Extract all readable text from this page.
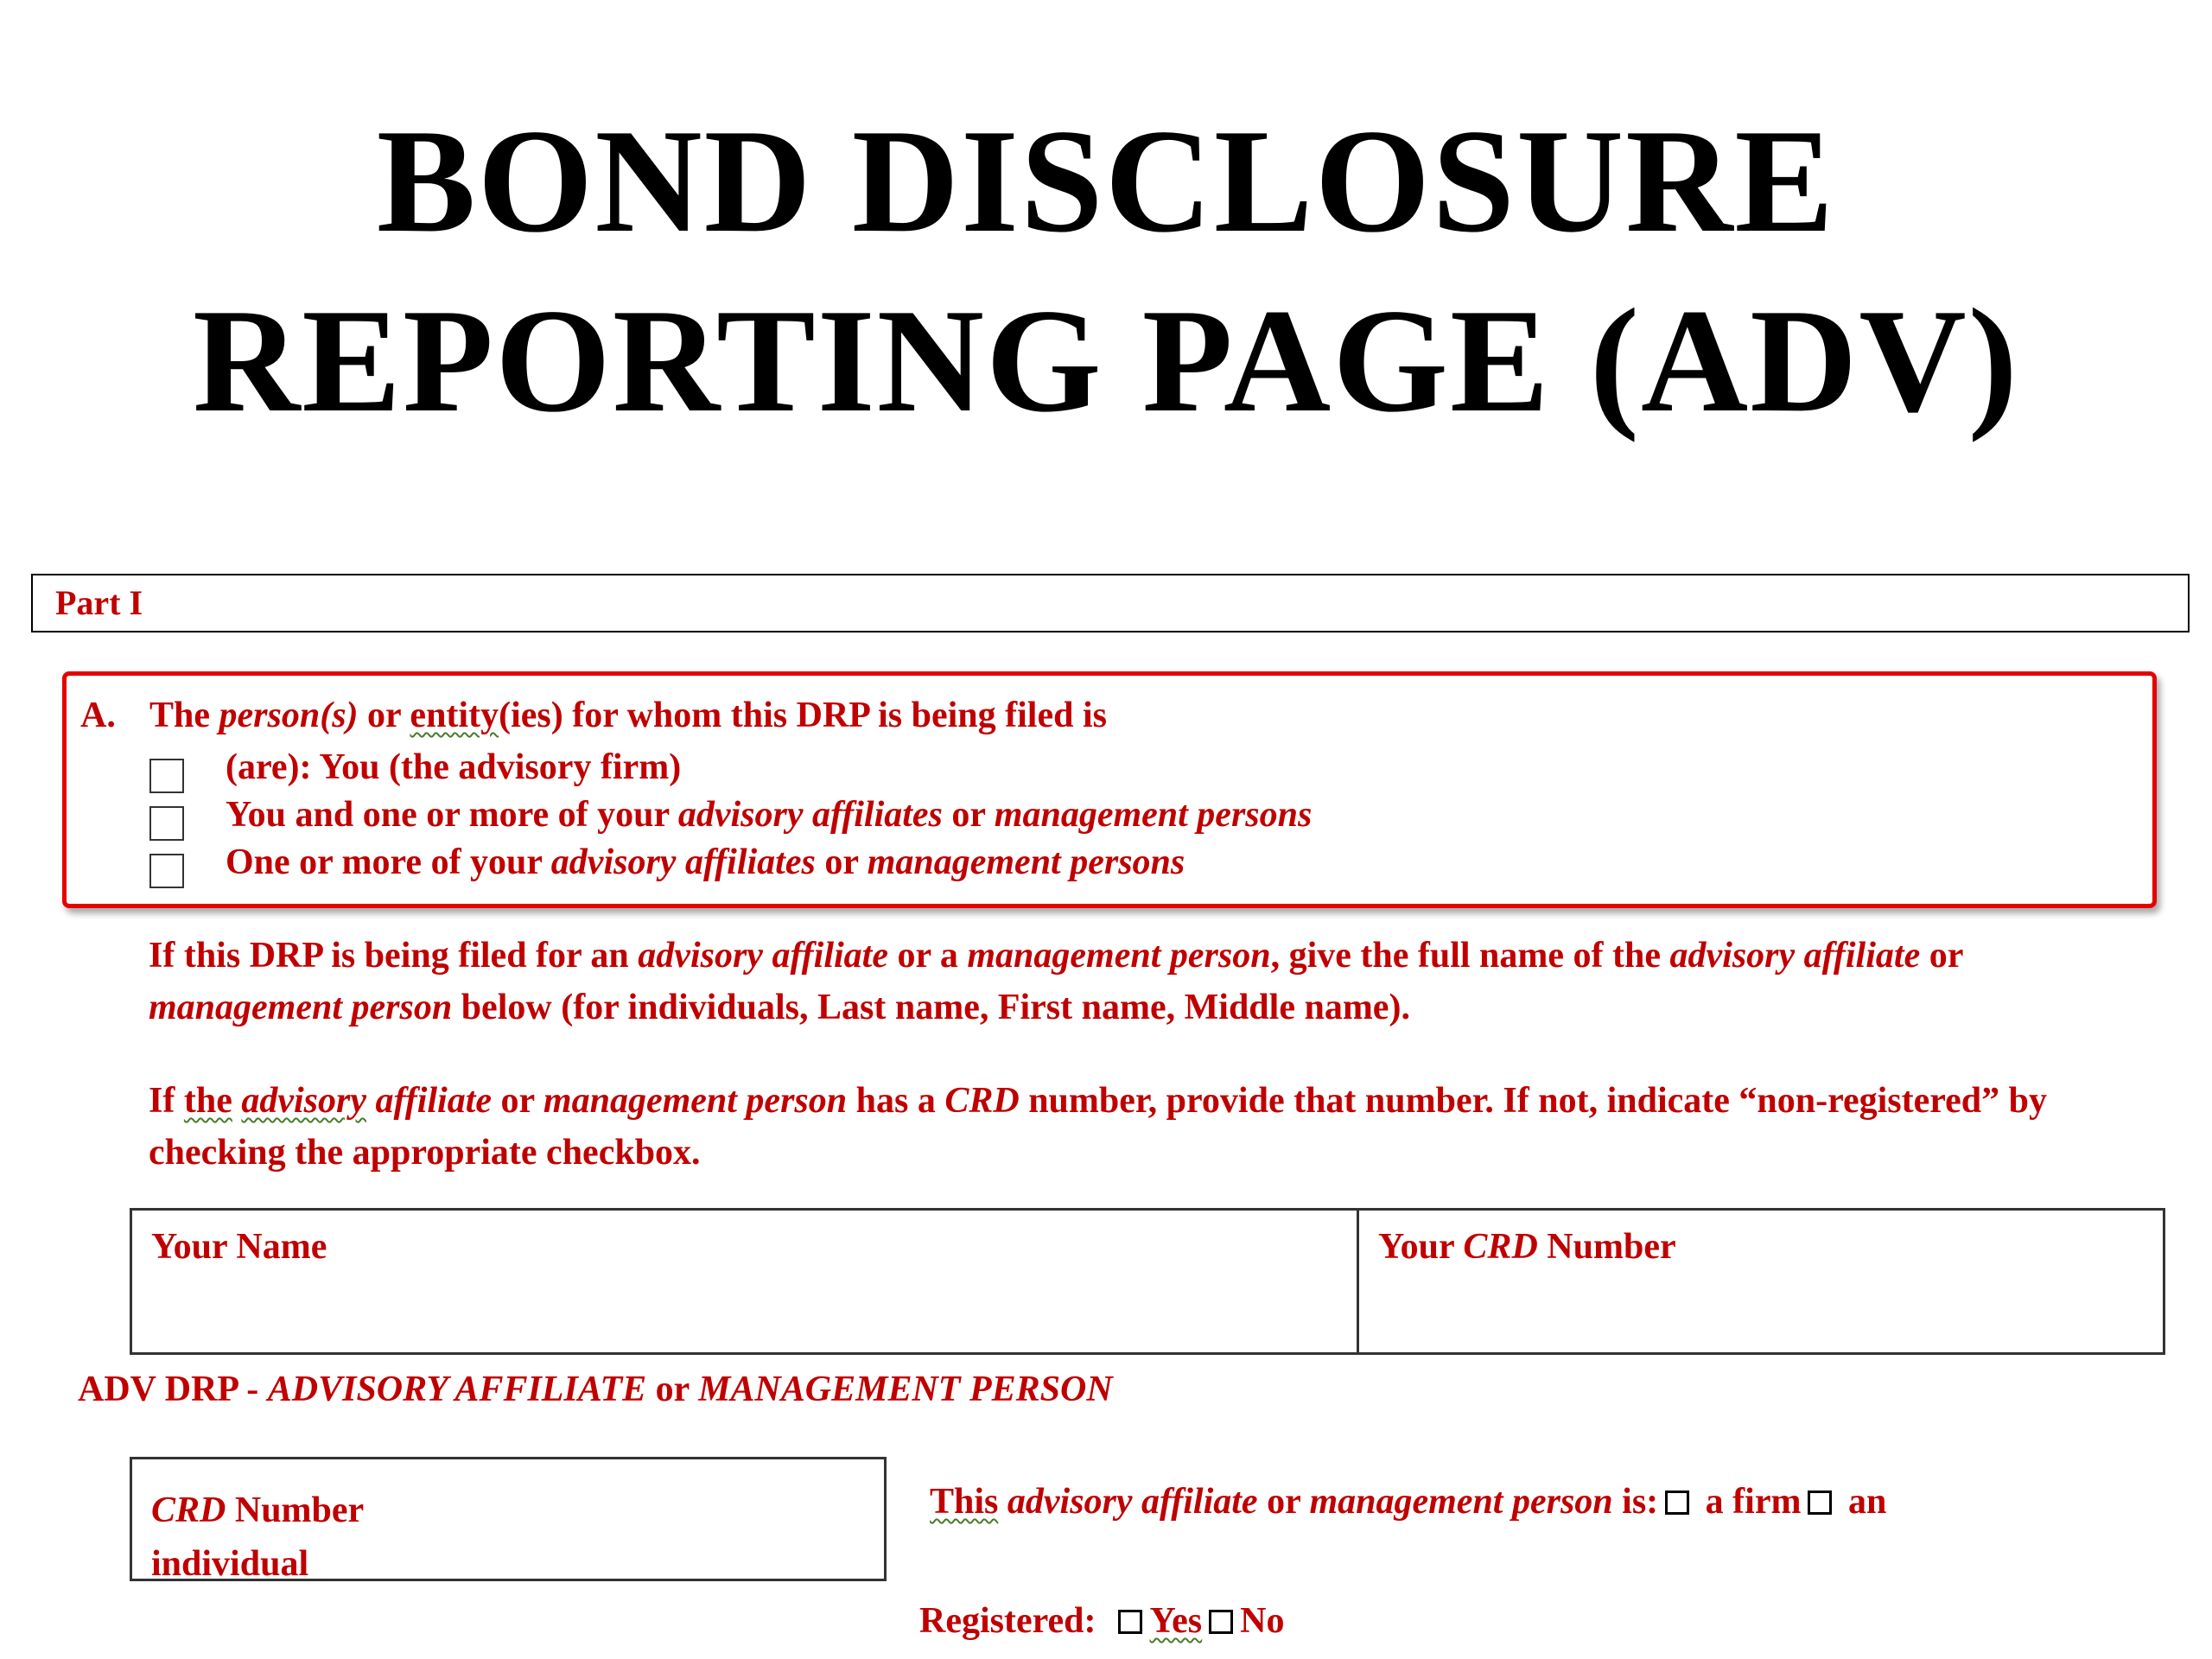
BOND DISCLOSURE
REPORTING PAGE (ADV)
Part I
A. The person(s) or entity(ies) for whom this DRP is being filed is
(are): You (the advisory firm)
You and one or more of your advisory affiliates or management persons
One or more of your advisory affiliates or management persons

If this DRP is being filed for an advisory affiliate or a management person, give the full name of the advisory affiliate or management person below (for individuals, Last name, First name, Middle name).

If the advisory affiliate or management person has a CRD number, provide that number. If not, indicate “non-registered” by checking the appropriate checkbox.

Your Name	Your CRD Number
ADV DRP - ADVISORY AFFILIATE or MANAGEMENT PERSON
CRD Number
individual
This advisory affiliate or management person is: a firm an
Registered: Yes No
